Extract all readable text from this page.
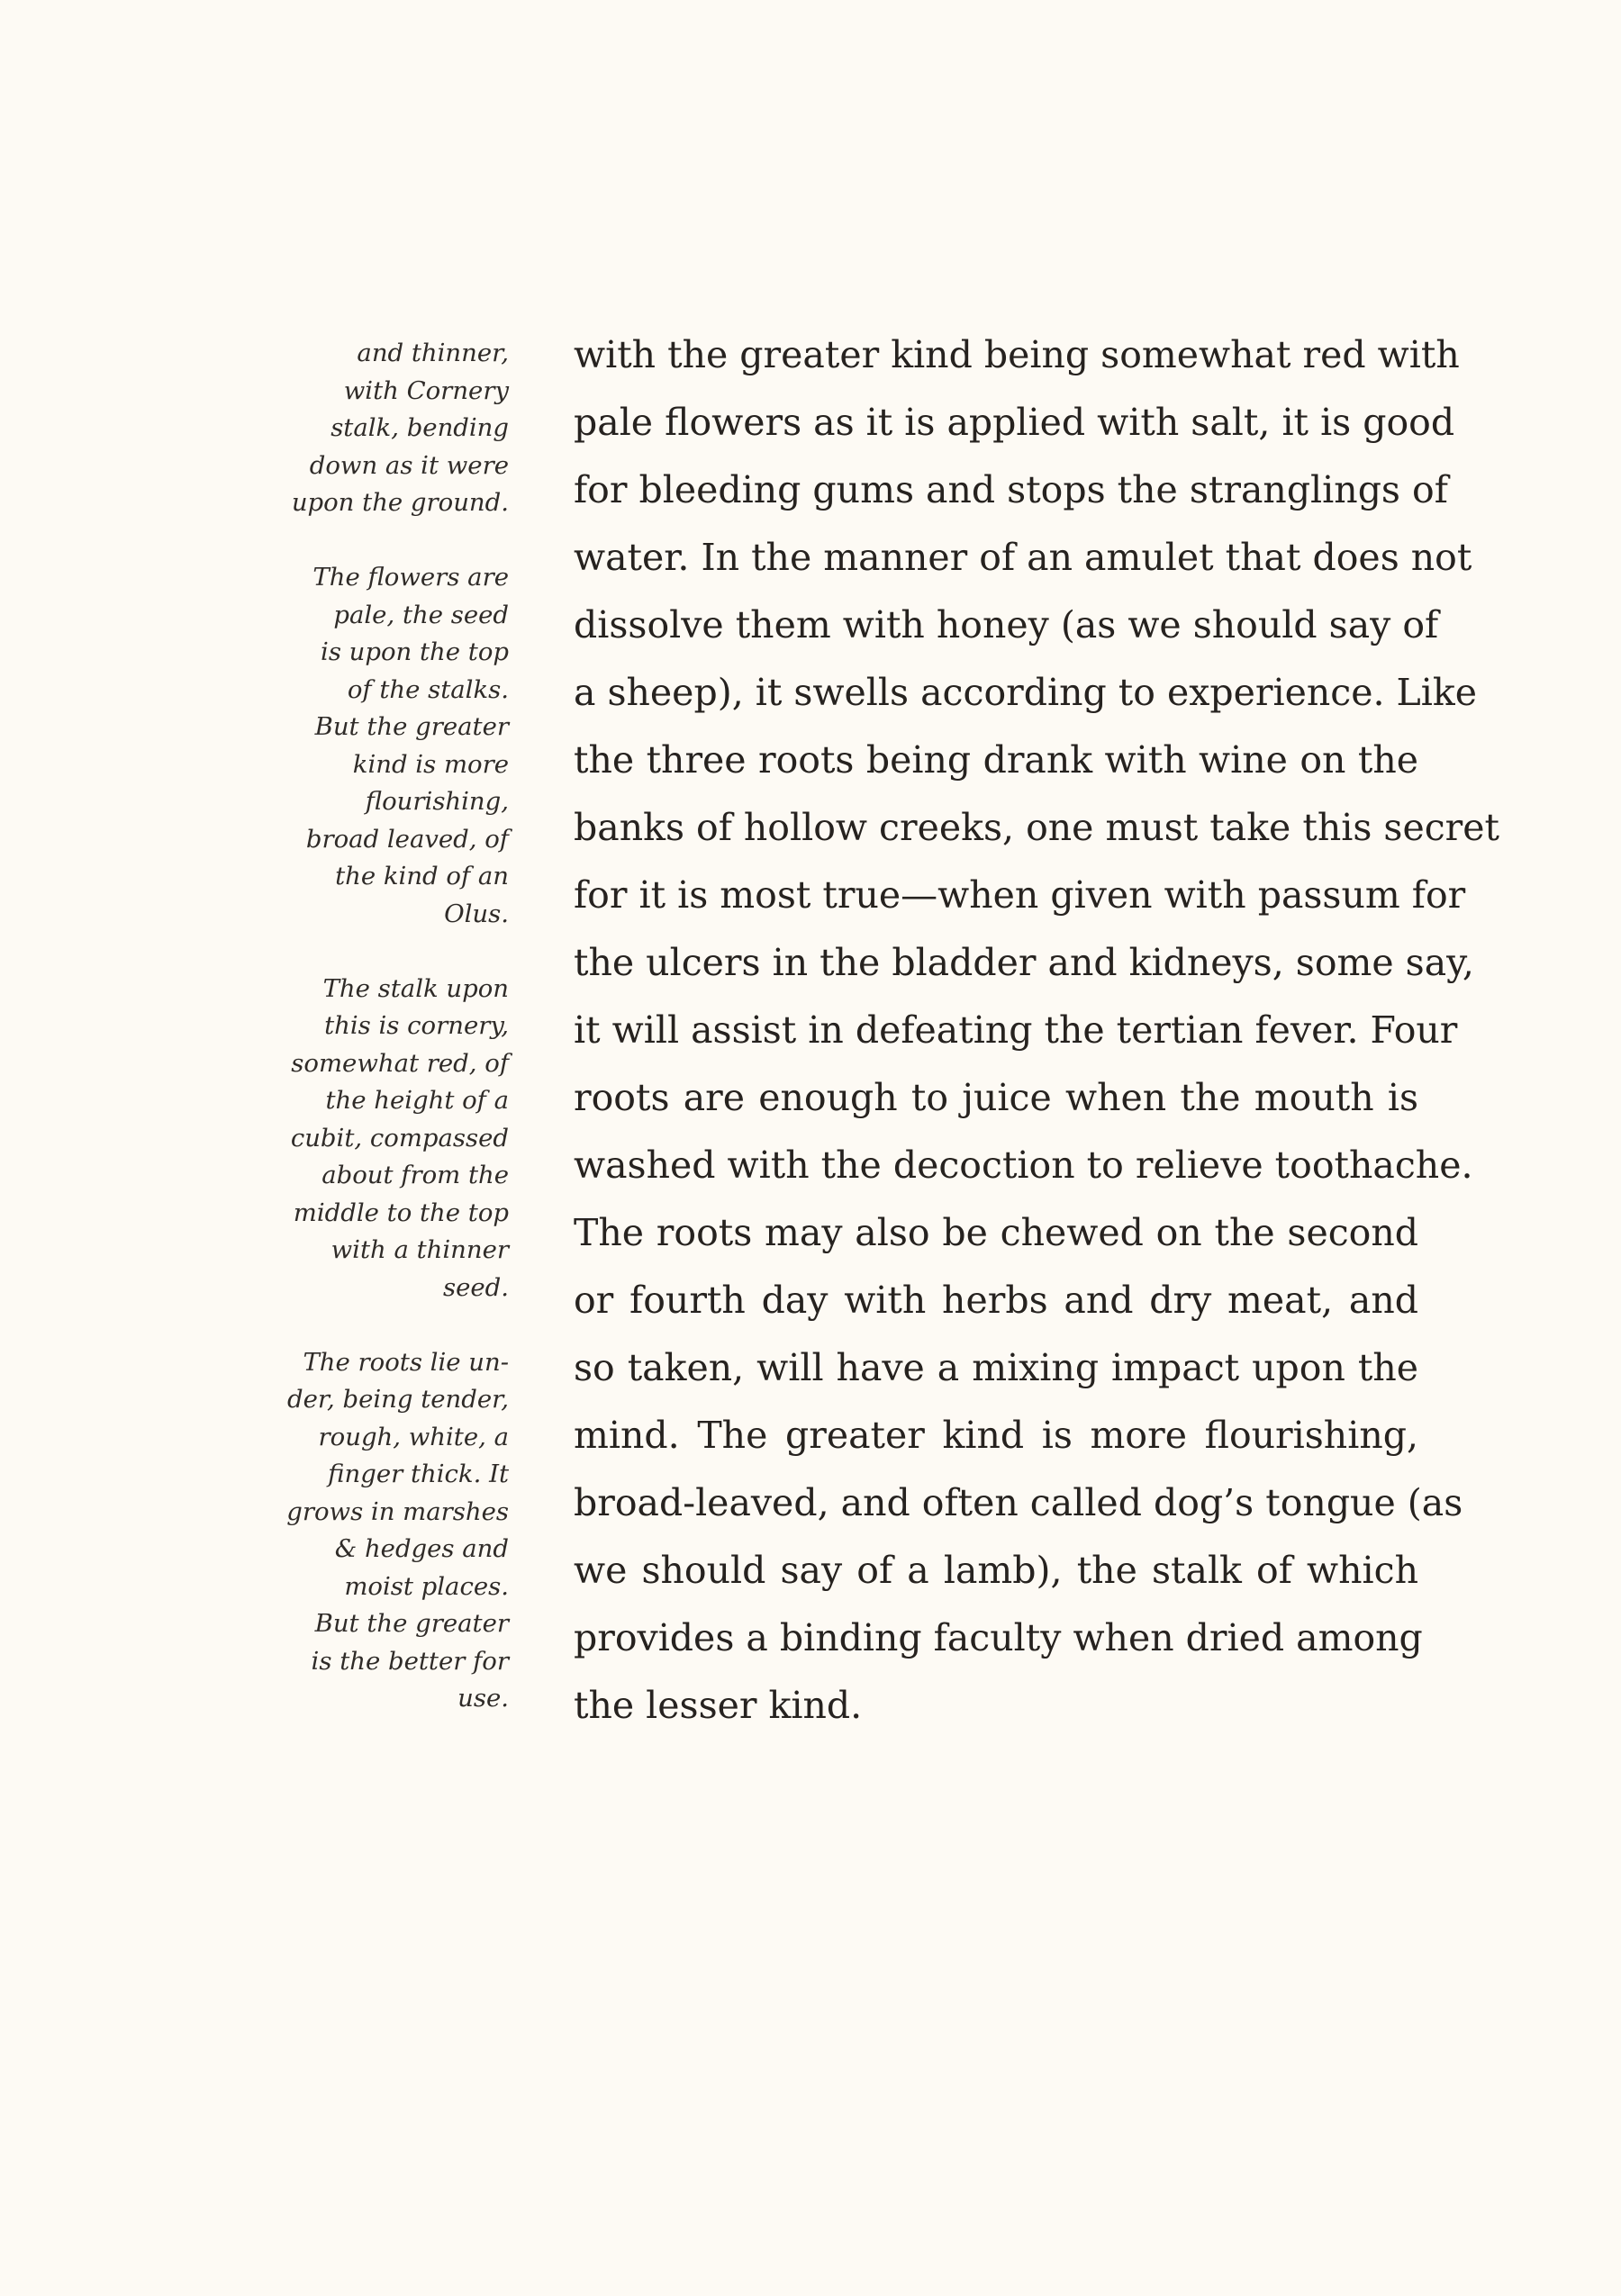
and thinner,
with Cornery
stalk, bending
down as it were
upon the ground.
The flowers are
pale, the seed
is upon the top
of the stalks.
But the greater
kind is more
flourishing,
broad leaved, of
the kind of an
Olus.
The stalk upon
this is cornery,
somewhat red, of
the height of a
cubit, compassed
about from the
middle to the top
with a thinner
seed.
The roots lie un-
der, being tender,
rough, white, a
finger thick. It
grows in marshes
& hedges and
moist places.
But the greater
is the better for
use.
with the greater kind being somewhat red with
pale flowers as it is applied with salt, it is good
for bleeding gums and stops the stranglings of
water. In the manner of an amulet that does not
dissolve them with honey (as we should say of
a sheep), it swells according to experience. Like
the three roots being drank with wine on the
banks of hollow creeks, one must take this secret
for it is most true—when given with passum for
the ulcers in the bladder and kidneys, some say,
it will assist in defeating the tertian fever. Four
roots are enough to juice when the mouth is
washed with the decoction to relieve toothache.
The roots may also be chewed on the second
or fourth day with herbs and dry meat, and
so taken, will have a mixing impact upon the
mind. The greater kind is more flourishing,
broad-leaved, and often called dog’s tongue (as
we should say of a lamb), the stalk of which
provides a binding faculty when dried among
the lesser kind.
